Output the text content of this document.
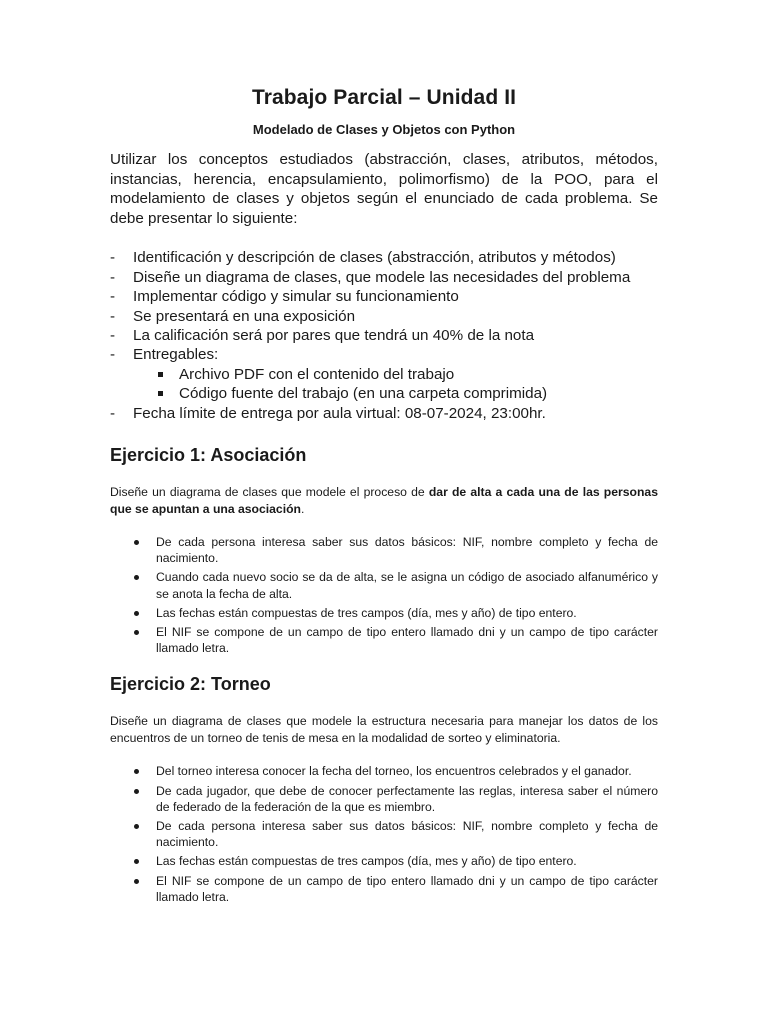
Trabajo Parcial – Unidad II
Modelado de Clases y Objetos con Python

Utilizar los conceptos estudiados (abstracción, clases, atributos, métodos, instancias, herencia, encapsulamiento, polimorfismo) de la POO, para el modelamiento de clases y objetos según el enunciado de cada problema. Se debe presentar lo siguiente:

- Identificación y descripción de clases (abstracción, atributos y métodos)
- Diseñe un diagrama de clases, que modele las necesidades del problema
- Implementar código y simular su funcionamiento
- Se presentará en una exposición
- La calificación será por pares que tendrá un 40% de la nota
- Entregables:
Archivo PDF con el contenido del trabajo
Código fuente del trabajo (en una carpeta comprimida)
- Fecha límite de entrega por aula virtual: 08-07-2024, 23:00hr.
Ejercicio 1: Asociación

Diseñe un diagrama de clases que modele el proceso de dar de alta a cada una de las personas que se apuntan a una asociación.

De cada persona interesa saber sus datos básicos: NIF, nombre completo y fecha de nacimiento.
Cuando cada nuevo socio se da de alta, se le asigna un código de asociado alfanumérico y se anota la fecha de alta.
Las fechas están compuestas de tres campos (día, mes y año) de tipo entero.
El NIF se compone de un campo de tipo entero llamado dni y un campo de tipo carácter llamado letra.
Ejercicio 2: Torneo

Diseñe un diagrama de clases que modele la estructura necesaria para manejar los datos de los encuentros de un torneo de tenis de mesa en la modalidad de sorteo y eliminatoria.

Del torneo interesa conocer la fecha del torneo, los encuentros celebrados y el ganador.
De cada jugador, que debe de conocer perfectamente las reglas, interesa saber el número de federado de la federación de la que es miembro.
De cada persona interesa saber sus datos básicos: NIF, nombre completo y fecha de nacimiento.
Las fechas están compuestas de tres campos (día, mes y año) de tipo entero.
El NIF se compone de un campo de tipo entero llamado dni y un campo de tipo carácter llamado letra.
